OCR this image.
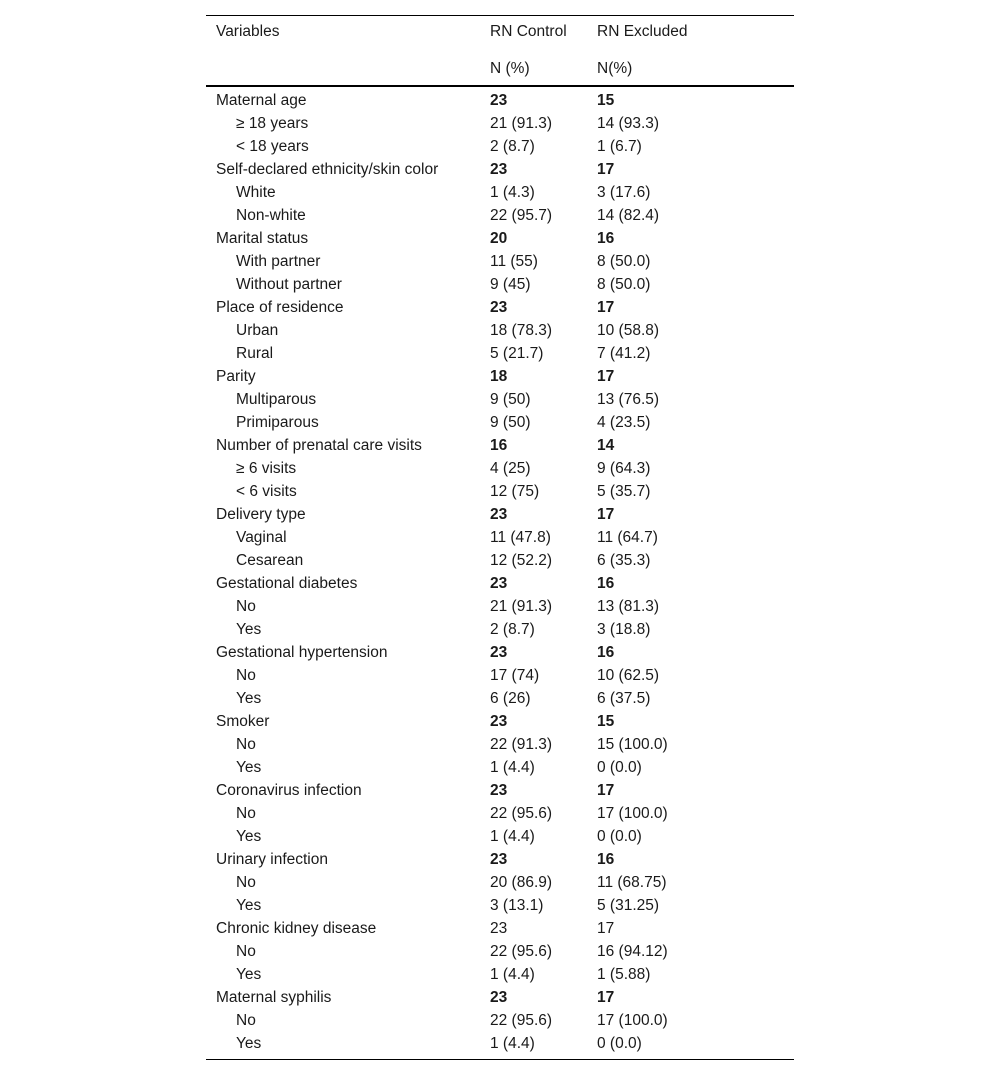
Variables	RN Control	RN Excluded
	N (%)	N(%)
Maternal age	23	15
≥ 18 years	21 (91.3)	14 (93.3)
< 18 years	2 (8.7)	1 (6.7)
Self-declared ethnicity/skin color	23	17
White	1 (4.3)	3 (17.6)
Non-white	22 (95.7)	14 (82.4)
Marital status	20	16
With partner	11 (55)	8 (50.0)
Without partner	9 (45)	8 (50.0)
Place of residence	23	17
Urban	18 (78.3)	10 (58.8)
Rural	5 (21.7)	7 (41.2)
Parity	18	17
Multiparous	9 (50)	13 (76.5)
Primiparous	9 (50)	4 (23.5)
Number of prenatal care visits	16	14
≥ 6 visits	4 (25)	9 (64.3)
< 6 visits	12 (75)	5 (35.7)
Delivery type	23	17
Vaginal	11 (47.8)	11 (64.7)
Cesarean	12 (52.2)	6 (35.3)
Gestational diabetes	23	16
No	21 (91.3)	13 (81.3)
Yes	2 (8.7)	3 (18.8)
Gestational hypertension	23	16
No	17 (74)	10 (62.5)
Yes	6 (26)	6 (37.5)
Smoker	23	15
No	22 (91.3)	15 (100.0)
Yes	1 (4.4)	0 (0.0)
Coronavirus infection	23	17
No	22 (95.6)	17 (100.0)
Yes	1 (4.4)	0 (0.0)
Urinary infection	23	16
No	20 (86.9)	11 (68.75)
Yes	3 (13.1)	5 (31.25)
Chronic kidney disease	23	17
No	22 (95.6)	16 (94.12)
Yes	1 (4.4)	1 (5.88)
Maternal syphilis	23	17
No	22 (95.6)	17 (100.0)
Yes	1 (4.4)	0 (0.0)
